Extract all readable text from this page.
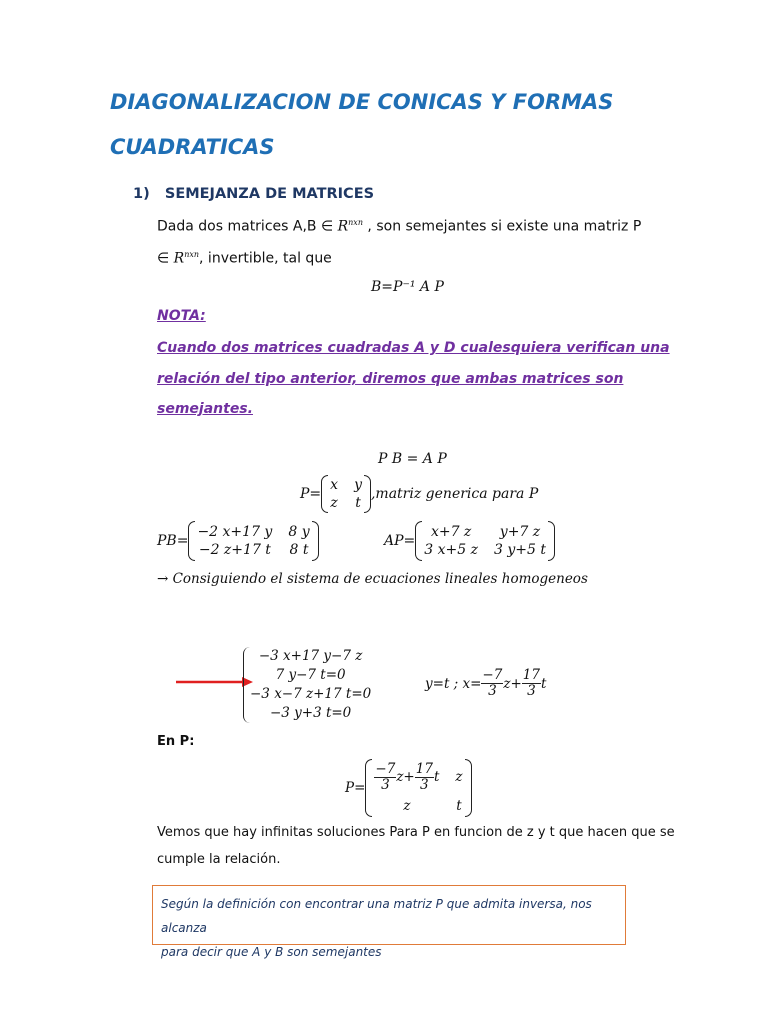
DIAGONALIZACION DE CONICAS Y FORMAS
CUADRATICAS
1) SEMEJANZA DE MATRICES
Dada dos matrices A,B ∈ $R^{nxn}$ , son semejantes si existe una matriz P
∈ $R^{nxn}$, invertible, tal que
B=P⁻¹ A P
NOTA:
Cuando dos matrices cuadradas A y D cualesquiera verifican una
relación del tipo anterior, diremos que ambas matrices son
semejantes.
P B = A P
P=
x y
z t
,matriz generica para P
PB=
−2 x+17 y 8 y
−2 z+17 t 8 t
AP=
x+7 z	y+7 z
3 x+5 z 3 y+5 t
→ Consiguiendo el sistema de ecuaciones lineales homogeneos
−3 x+17 y−7 z
7 y−7 t=0
−3 x−7 z+17 t=0
−3 y+3 t=0
y=t ; $x= \frac{-7}{3} z+ \frac{17}{3}$ t
En P:
$P= \frac{-7}{3} z+ \frac{17}{3}$ t z
z	t
Vemos que hay infinitas soluciones Para P en funcion de z y t que hacen que se
cumple la relación.
Según la definición con encontrar una matriz P que admita inversa, nos alcanza
para decir que A y B son semejantes
